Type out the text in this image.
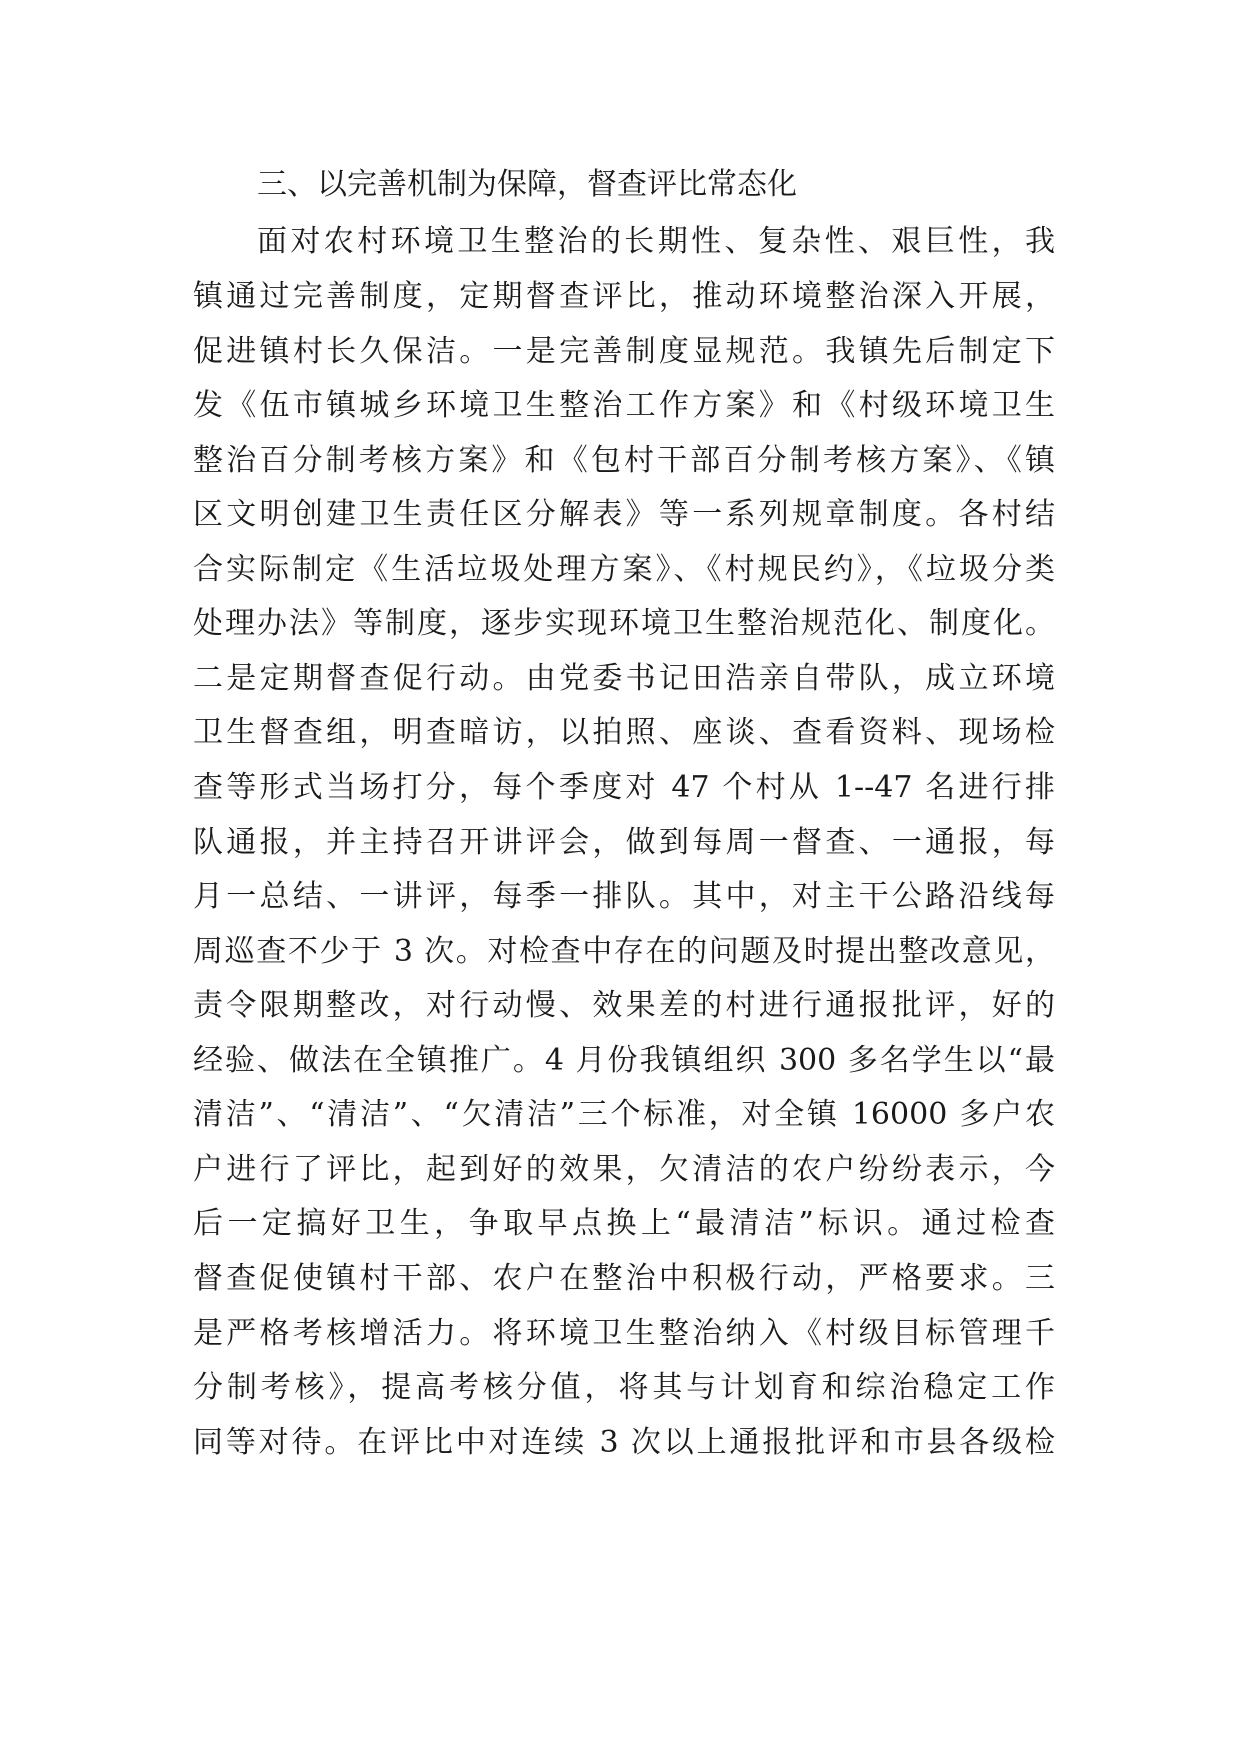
三、以完善机制为保障，督查评比常态化
面对农村环境卫生整治的长期性、复杂性、艰巨性，我
镇通过完善制度，定期督查评比，推动环境整治深入开展，
促进镇村长久保洁。一是完善制度显规范。我镇先后制定下
发《伍市镇城乡环境卫生整治工作方案》和《村级环境卫生
整治百分制考核方案》和《包村干部百分制考核方案》、《镇
区文明创建卫生责任区分解表》等一系列规章制度。各村结
合实际制定《生活垃圾处理方案》、《村规民约》，《垃圾分类
处理办法》等制度，逐步实现环境卫生整治规范化、制度化。
二是定期督查促行动。由党委书记田浩亲自带队，成立环境
卫生督查组，明查暗访，以拍照、座谈、查看资料、现场检
查等形式当场打分，每个季度对 47 个村从 1--47 名进行排
队通报，并主持召开讲评会，做到每周一督查、一通报，每
月一总结、一讲评，每季一排队。其中，对主干公路沿线每
周巡查不少于 3 次。对检查中存在的问题及时提出整改意见，
责令限期整改，对行动慢、效果差的村进行通报批评，好的
经验、做法在全镇推广。4 月份我镇组织 300 多名学生以“最
清洁”、“清洁”、“欠清洁”三个标准，对全镇 16000 多户农
户进行了评比，起到好的效果，欠清洁的农户纷纷表示，今
后一定搞好卫生，争取早点换上“最清洁”标识。通过检查
督查促使镇村干部、农户在整治中积极行动，严格要求。三
是严格考核增活力。将环境卫生整治纳入《村级目标管理千
分制考核》，提高考核分值，将其与计划育和综治稳定工作
同等对待。在评比中对连续 3 次以上通报批评和市县各级检
